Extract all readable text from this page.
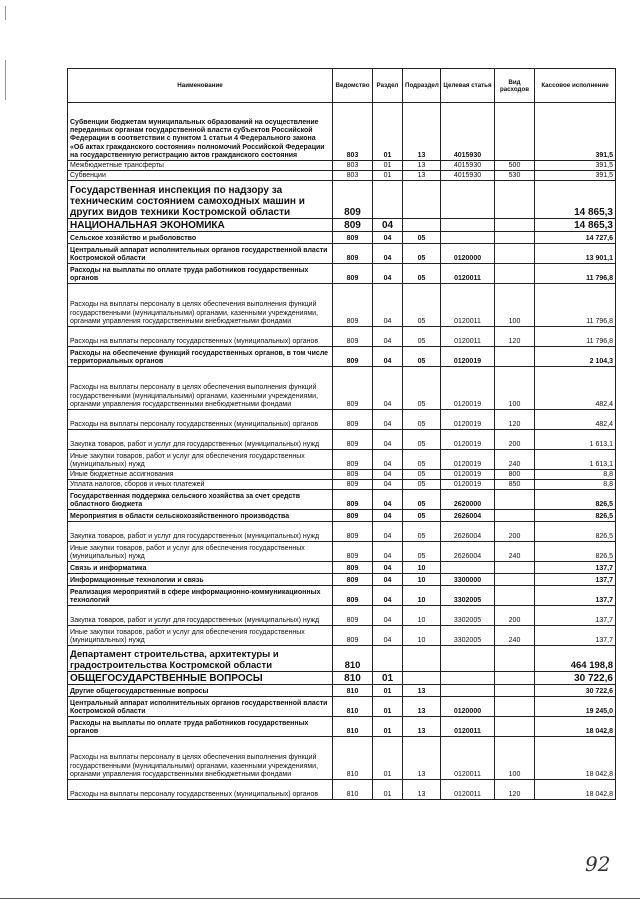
Наименование	Ведомство	Раздел	Подраздел	Целевая статья	Вид расходов	Кассовое исполнение
Субвенции бюджетам муниципальных образований на осуществление переданных органам государственной власти субъектов Российской Федерации в соответствии с пунктом 1 статьи 4 Федерального закона «Об актах гражданского состояния» полномочий Российской Федерации на государственную регистрацию актов гражданского состояния	803	01	13	4015930		391,5
Межбюджетные трансферты	803	01	13	4015930	500	391,5
Субвенции	803	01	13	4015930	530	391,5
Государственная инспекция по надзору за техническим состоянием самоходных машин и других видов техники Костромской области	809					14 865,3
НАЦИОНАЛЬНАЯ ЭКОНОМИКА	809	04				14 865,3
Сельское хозяйство и рыболовство	809	04	05			14 727,6
Центральный аппарат исполнительных органов государственной власти Костромской области	809	04	05	0120000		13 901,1
Расходы на выплаты по оплате труда работников государственных органов	809	04	05	0120011		11 796,8
Расходы на выплаты персоналу в целях обеспечения выполнения функций государственными (муниципальными) органами, казенными учреждениями, органами управления государственными внебюджетными фондами	809	04	05	0120011	100	11 796,8
Расходы на выплаты персоналу государственных (муниципальных) органов	809	04	05	0120011	120	11 796,8
Расходы на обеспечение функций государственных органов, в том числе территориальных органов	809	04	05	0120019		2 104,3
Расходы на выплаты персоналу в целях обеспечения выполнения функций государственными (муниципальными) органами, казенными учреждениями, органами управления государственными внебюджетными фондами	809	04	05	0120019	100	482,4
Расходы на выплаты персоналу государственных (муниципальных) органов	809	04	05	0120019	120	482,4
Закупка товаров, работ и услуг для государственных (муниципальных) нужд	809	04	05	0120019	200	1 613,1
Иные закупки товаров, работ и услуг для обеспечения государственных (муниципальных) нужд	809	04	05	0120019	240	1 613,1
Иные бюджетные ассигнования	809	04	05	0120019	800	8,8
Уплата налогов, сборов и иных платежей	809	04	05	0120019	850	8,8
Государственная поддержка сельского хозяйства за счет средств областного бюджета	809	04	05	2620000		826,5
Мероприятия в области сельскохозяйственного производства	809	04	05	2626004		826,5
Закупка товаров, работ и услуг для государственных (муниципальных) нужд	809	04	05	2626004	200	826,5
Иные закупки товаров, работ и услуг для обеспечения государственных (муниципальных) нужд	809	04	05	2626004	240	826,5
Связь и информатика	809	04	10			137,7
Информационные технологии и связь	809	04	10	3300000		137,7
Реализация мероприятий в сфере информационно-коммуникационных технологий	809	04	10	3302005		137,7
Закупка товаров, работ и услуг для государственных (муниципальных) нужд	809	04	10	3302005	200	137,7
Иные закупки товаров, работ и услуг для обеспечения государственных (муниципальных) нужд	809	04	10	3302005	240	137,7
Департамент строительства, архитектуры и градостроительства Костромской области	810					464 198,8
ОБЩЕГОСУДАРСТВЕННЫЕ ВОПРОСЫ	810	01				30 722,6
Другие общегосударственные вопросы	810	01	13			30 722,6
Центральный аппарат исполнительных органов государственной власти Костромской области	810	01	13	0120000		19 245,0
Расходы на выплаты по оплате труда работников государственных органов	810	01	13	0120011		18 042,8
Расходы на выплаты персоналу в целях обеспечения выполнения функций государственными (муниципальными) органами, казенными учреждениями, органами управления государственными внебюджетными фондами	810	01	13	0120011	100	18 042,8
Расходы на выплаты персоналу государственных (муниципальных) органов	810	01	13	0120011	120	18 042,8
92
